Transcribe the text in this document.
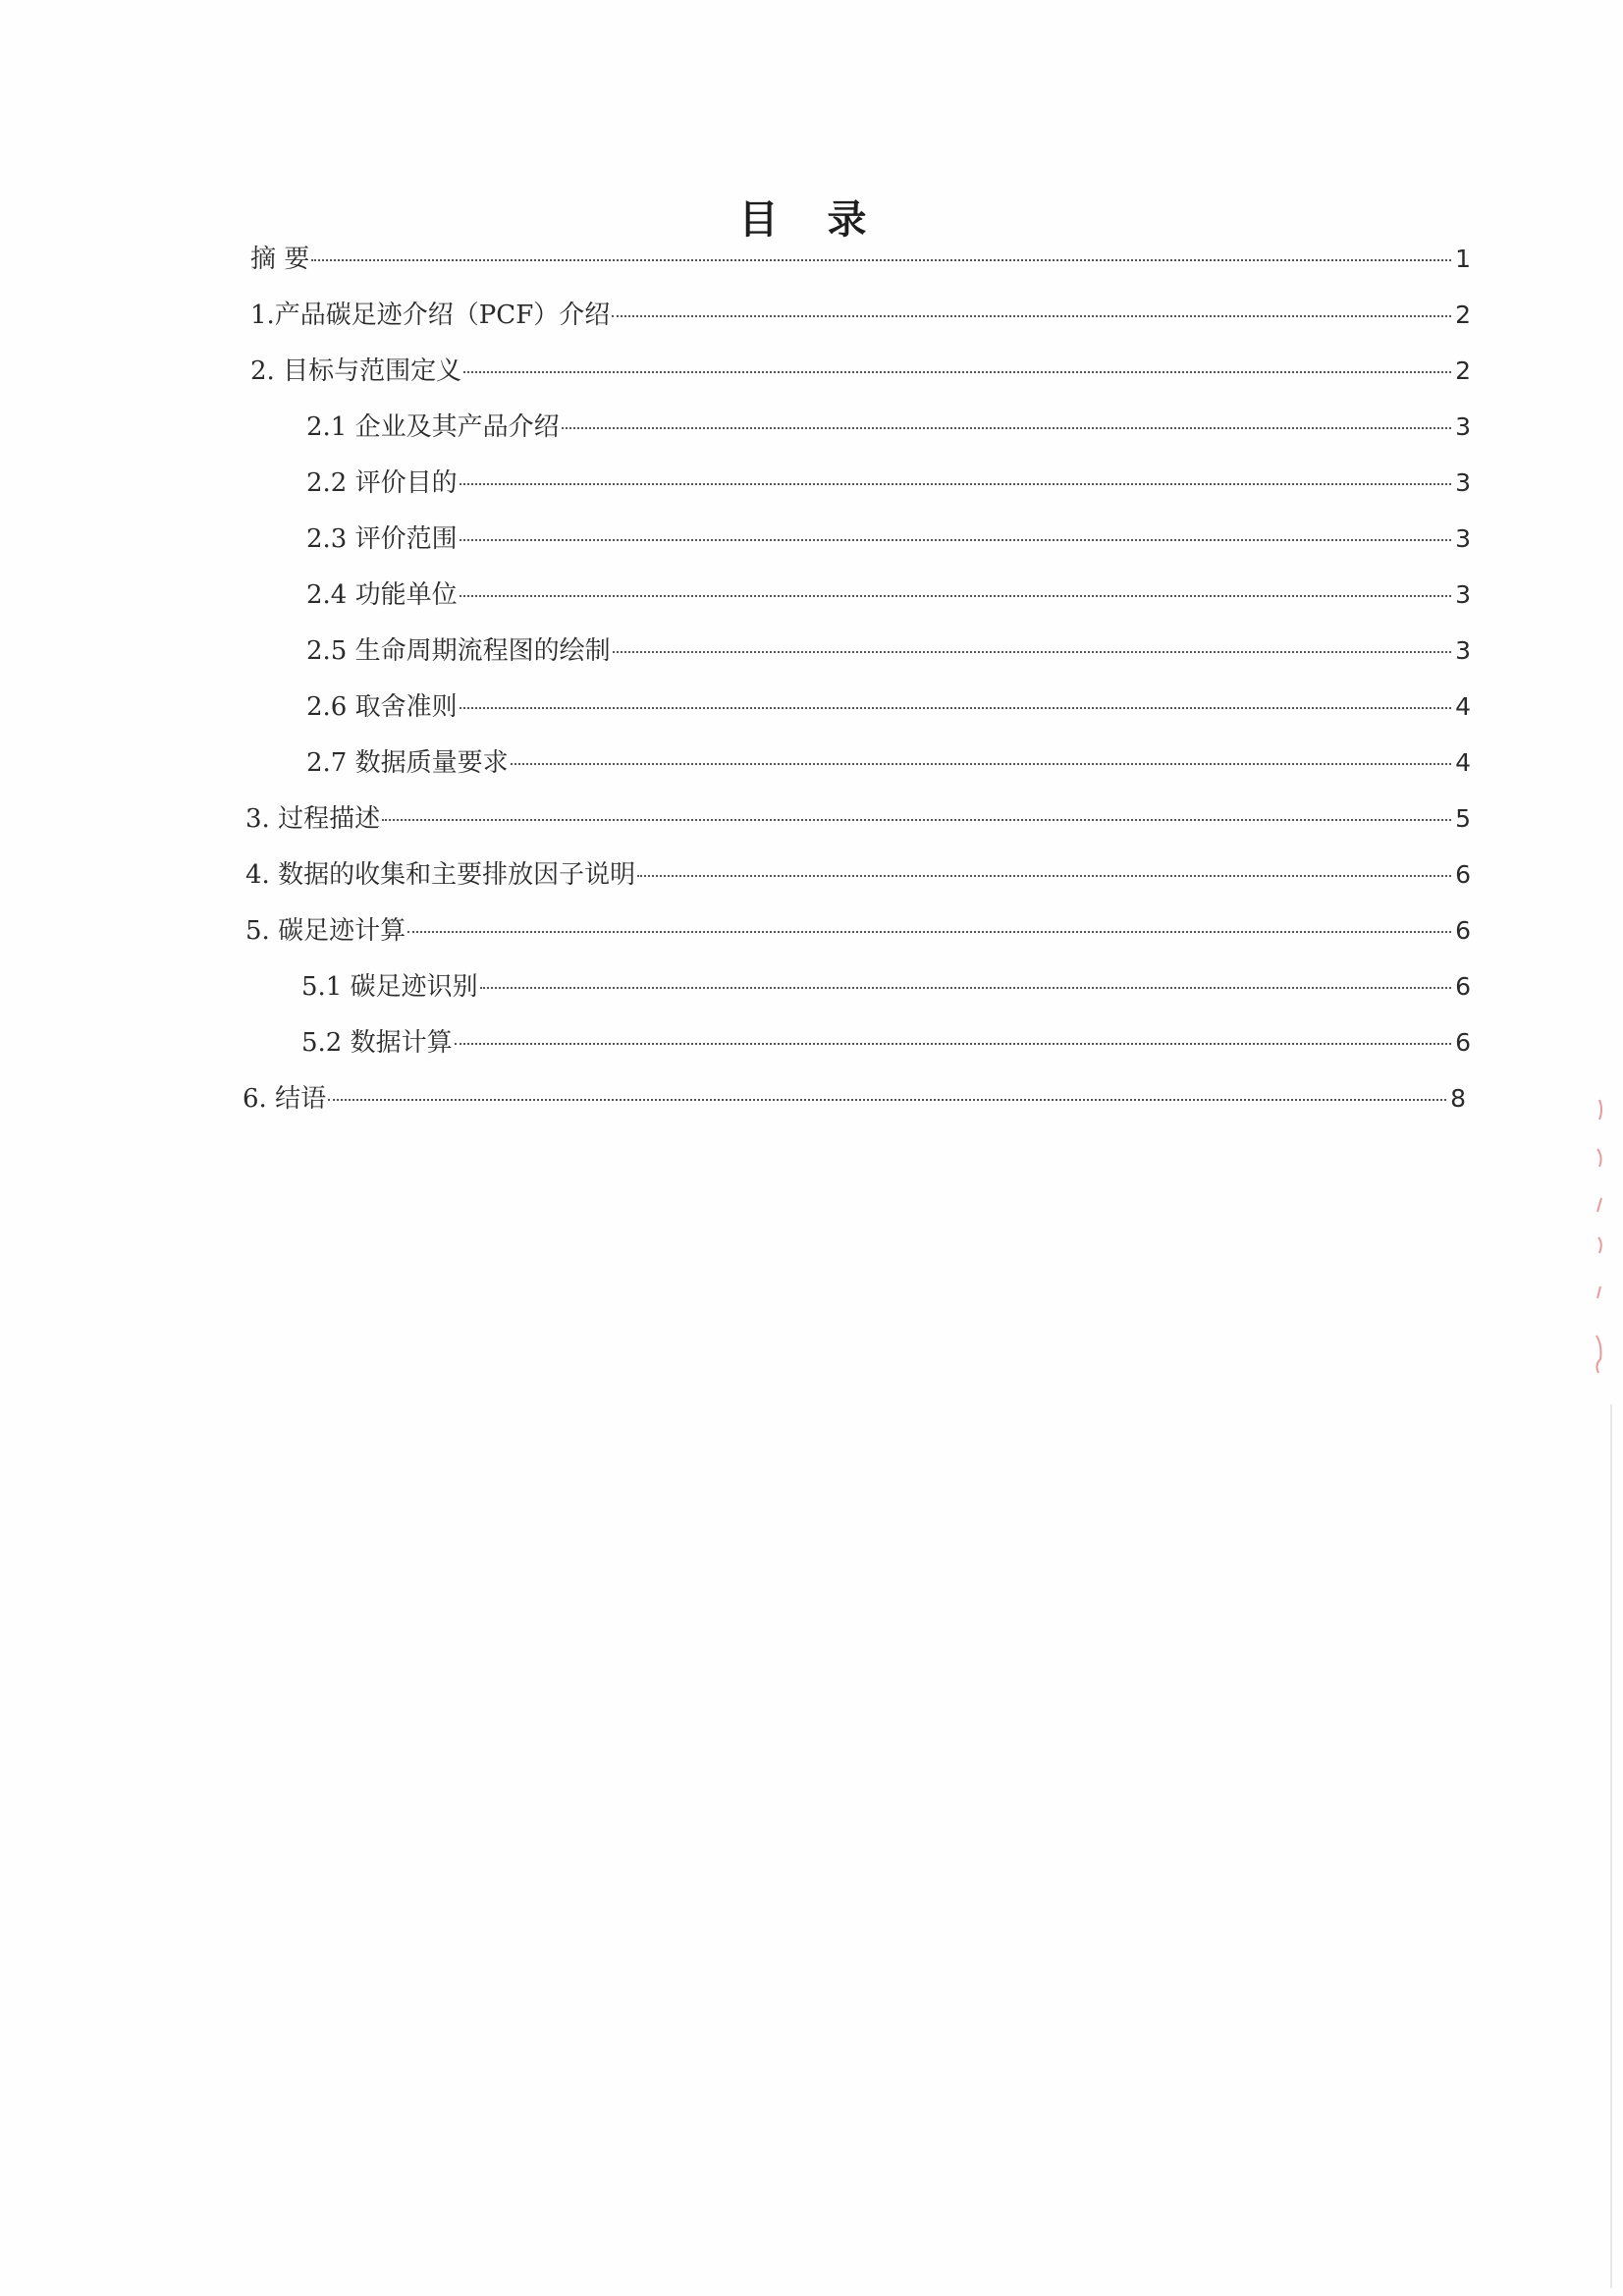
目 录
摘 要	1
1.产品碳足迹介绍（PCF）介绍	2
2. 目标与范围定义	2
2.1 企业及其产品介绍	3
2.2 评价目的	3
2.3 评价范围	3
2.4 功能单位	3
2.5 生命周期流程图的绘制	3
2.6 取舍准则	4
2.7 数据质量要求	4
3. 过程描述	5
4. 数据的收集和主要排放因子说明	6
5. 碳足迹计算	6
5.1 碳足迹识别	6
5.2 数据计算	6
6. 结语	8
